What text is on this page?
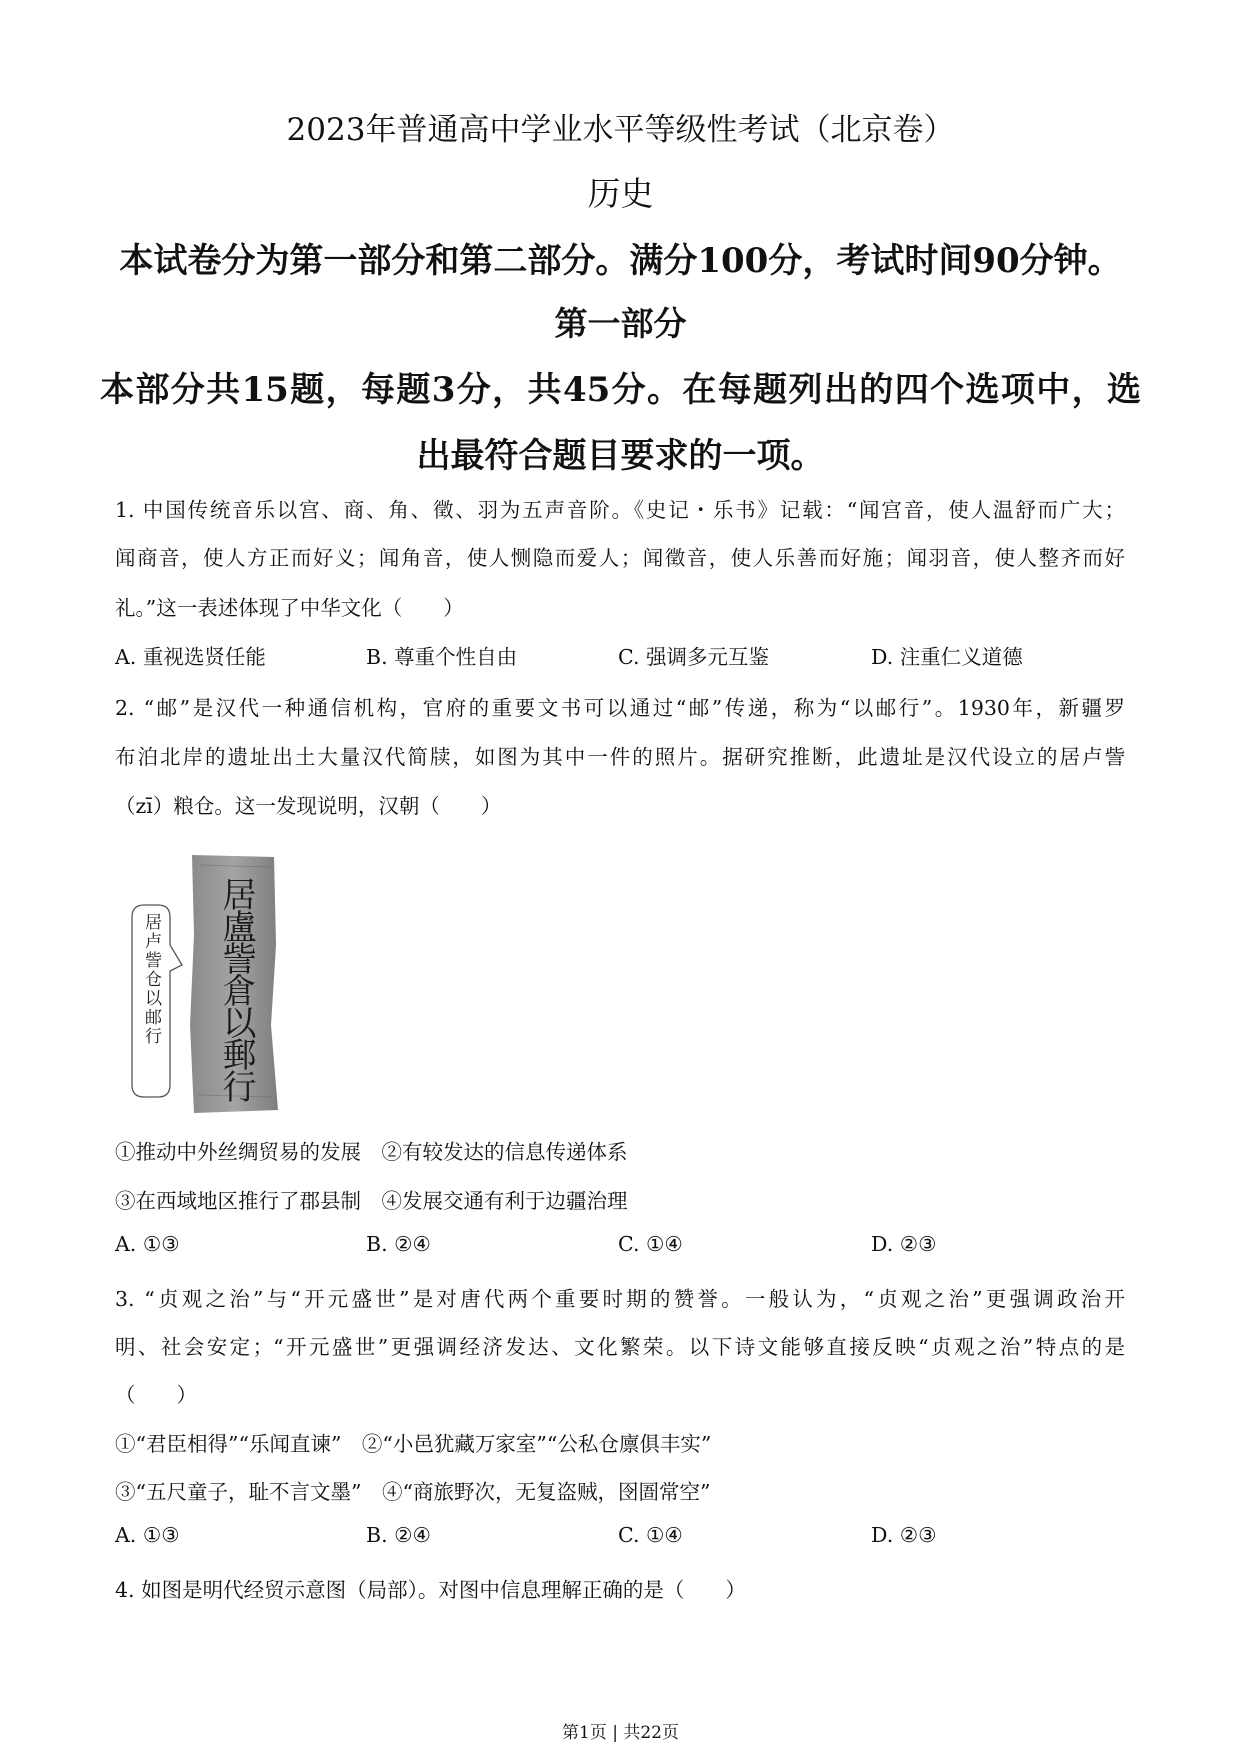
2023年普通高中学业水平等级性考试（北京卷）
历史
本试卷分为第一部分和第二部分。满分100分，考试时间90分钟。
第一部分
本部分共15题，每题3分，共45分。在每题列出的四个选项中，选
出最符合题目要求的一项。
1. 中国传统音乐以宫、商、角、徵、羽为五声音阶。《史记・乐书》记载：“闻宫音，使人温舒而广大；
闻商音，使人方正而好义；闻角音，使人恻隐而爱人；闻徵音，使人乐善而好施；闻羽音，使人整齐而好
礼。”这一表述体现了中华文化（　　）
A. 重视选贤任能	B. 尊重个性自由	C. 强调多元互鉴	D. 注重仁义道德
2. “邮”是汉代一种通信机构，官府的重要文书可以通过“邮”传递，称为“以邮行”。1930年，新疆罗
布泊北岸的遗址出土大量汉代简牍，如图为其中一件的照片。据研究推断，此遗址是汉代设立的居卢訾
（zī）粮仓。这一发现说明，汉朝（　　）
居卢訾仓以邮行	居盧訾倉以郵行
①推动中外丝绸贸易的发展　②有较发达的信息传递体系
③在西域地区推行了郡县制　④发展交通有利于边疆治理
A. ①③	B. ②④	C. ①④	D. ②③
3. “贞观之治”与“开元盛世”是对唐代两个重要时期的赞誉。一般认为，“贞观之治”更强调政治开
明、社会安定；“开元盛世”更强调经济发达、文化繁荣。以下诗文能够直接反映“贞观之治”特点的是
（　　）
①“君臣相得”“乐闻直谏”　②“小邑犹藏万家室”“公私仓廪俱丰实”
③“五尺童子，耻不言文墨”　④“商旅野次，无复盗贼，囹圄常空”
A. ①③	B. ②④	C. ①④	D. ②③
4. 如图是明代经贸示意图（局部）。对图中信息理解正确的是（　　）
第1页 | 共22页
